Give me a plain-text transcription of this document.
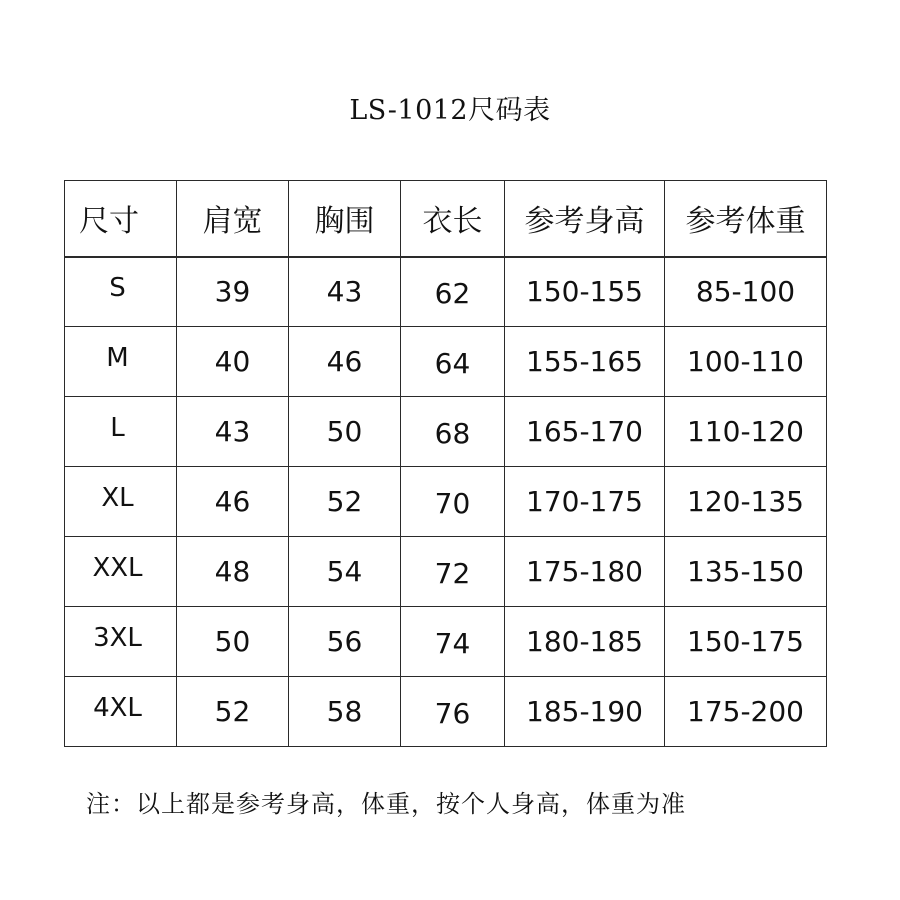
LS-1012尺码表
尺寸	肩宽	胸围	衣长	参考身高	参考体重
S	39	43	62	150-155	85-100
M	40	46	64	155-165	100-110
L	43	50	68	165-170	110-120
XL	46	52	70	170-175	120-135
XXL	48	54	72	175-180	135-150
3XL	50	56	74	180-185	150-175
4XL	52	58	76	185-190	175-200
注：以上都是参考身高，体重，按个人身高，体重为准
